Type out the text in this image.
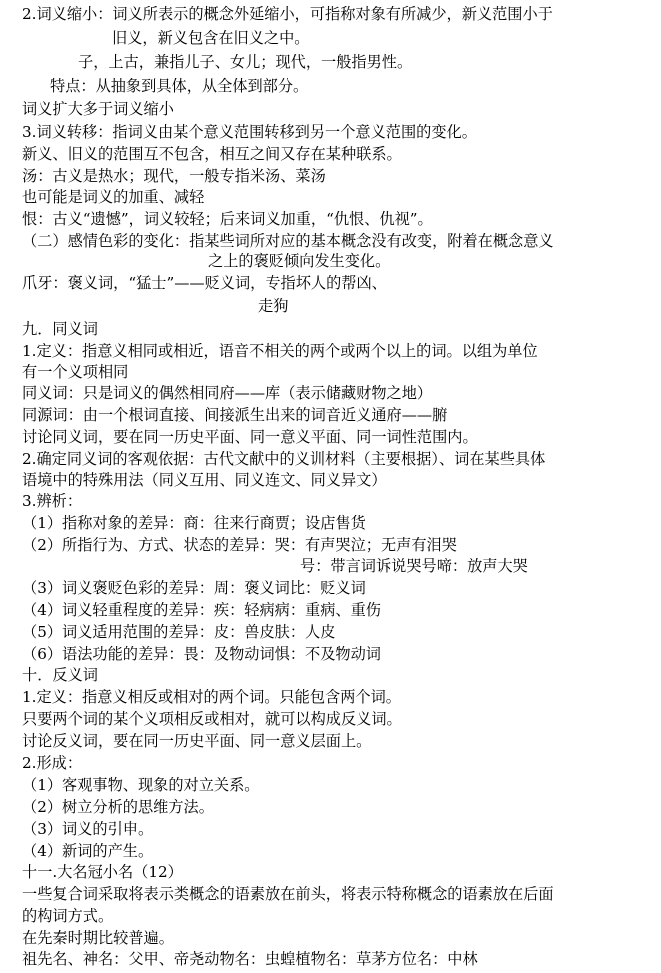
2.词义缩小：词义所表示的概念外延缩小，可指称对象有所减少，新义范围小于
旧义，新义包含在旧义之中。
子，上古，兼指儿子、女儿；现代，一般指男性。
特点：从抽象到具体，从全体到部分。
词义扩大多于词义缩小
3.词义转移：指词义由某个意义范围转移到另一个意义范围的变化。
新义、旧义的范围互不包含，相互之间又存在某种联系。
汤：古义是热水；现代，一般专指米汤、菜汤
也可能是词义的加重、减轻
恨：古义“遗憾”，词义较轻；后来词义加重，“仇恨、仇视”。
（二）感情色彩的变化：指某些词所对应的基本概念没有改变，附着在概念意义
之上的褒贬倾向发生变化。
爪牙：褒义词，“猛士”——贬义词，专指坏人的帮凶、
走狗
九．同义词
1.定义：指意义相同或相近，语音不相关的两个或两个以上的词。以组为单位
有一个义项相同
同义词：只是词义的偶然相同府——库（表示储藏财物之地）
同源词：由一个根词直接、间接派生出来的词音近义通府——腑
讨论同义词，要在同一历史平面、同一意义平面、同一词性范围内。
2.确定同义词的客观依据：古代文献中的义训材料（主要根据）、词在某些具体
语境中的特殊用法（同义互用、同义连文、同义异文）
3.辨析：
（1）指称对象的差异：商：往来行商贾；设店售货
（2）所指行为、方式、状态的差异：哭：有声哭泣；无声有泪哭
号：带言词诉说哭号啼：放声大哭
（3）词义褒贬色彩的差异：周：褒义词比：贬义词
（4）词义轻重程度的差异：疾：轻病病：重病、重伤
（5）词义适用范围的差异：皮：兽皮肤：人皮
（6）语法功能的差异：畏：及物动词惧：不及物动词
十．反义词
1.定义：指意义相反或相对的两个词。只能包含两个词。
只要两个词的某个义项相反或相对，就可以构成反义词。
讨论反义词，要在同一历史平面、同一意义层面上。
2.形成：
（1）客观事物、现象的对立关系。
（2）树立分析的思维方法。
（3）词义的引申。
（4）新词的产生。
十一.大名冠小名（12）
一些复合词采取将表示类概念的语素放在前头，将表示特称概念的语素放在后面
的构词方式。
在先秦时期比较普遍。
祖先名、神名：父甲、帝尧动物名：虫蝗植物名：草茅方位名：中林
